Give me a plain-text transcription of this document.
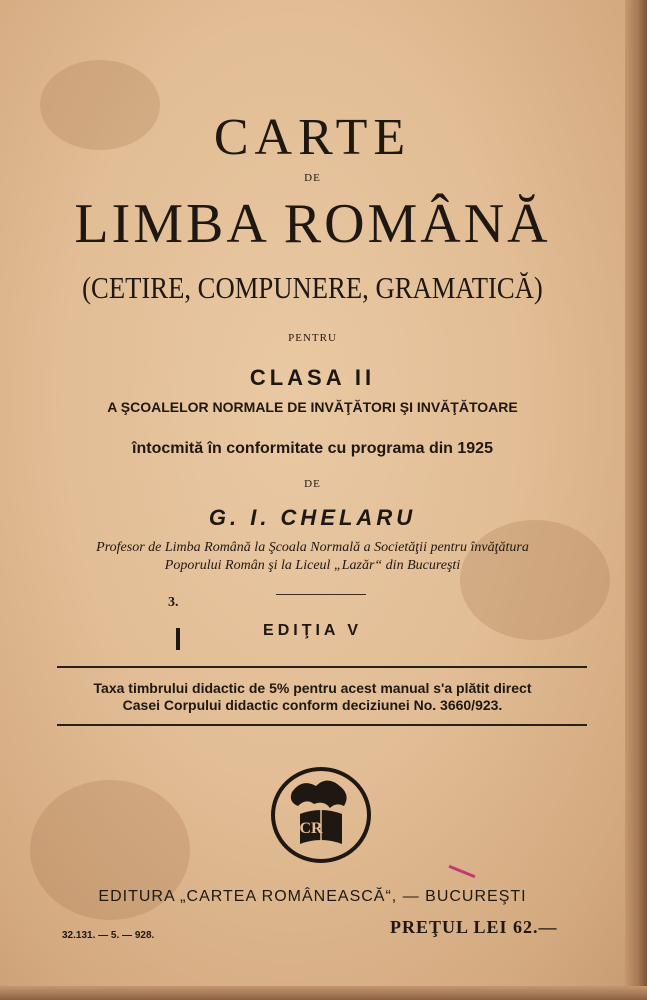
CARTE
DE
LIMBA ROMÂNĂ
(CETIRE, COMPUNERE, GRAMATICĂ)
PENTRU
CLASA II
A ŞCOALELOR NORMALE DE INVĂŢĂTORI ŞI INVĂŢĂTOARE
întocmită în conformitate cu programa din 1925
DE
G. I. CHELARU
Profesor de Limba Română la Şcoala Normală a Societăţii pentru învăţătura
Poporului Român şi la Liceul „Lazăr“ din Bucureşti
3.
EDIŢIA V
Taxa timbrului didactic de 5% pentru acest manual s'a plătit direct
Casei Corpului didactic conform deciziunei No. 3660/923.
CR
EDITURA „CARTEA ROMÂNEASCĂ“, — BUCUREŞTI
32.131. — 5. — 928.	PREŢUL LEI 62.—
